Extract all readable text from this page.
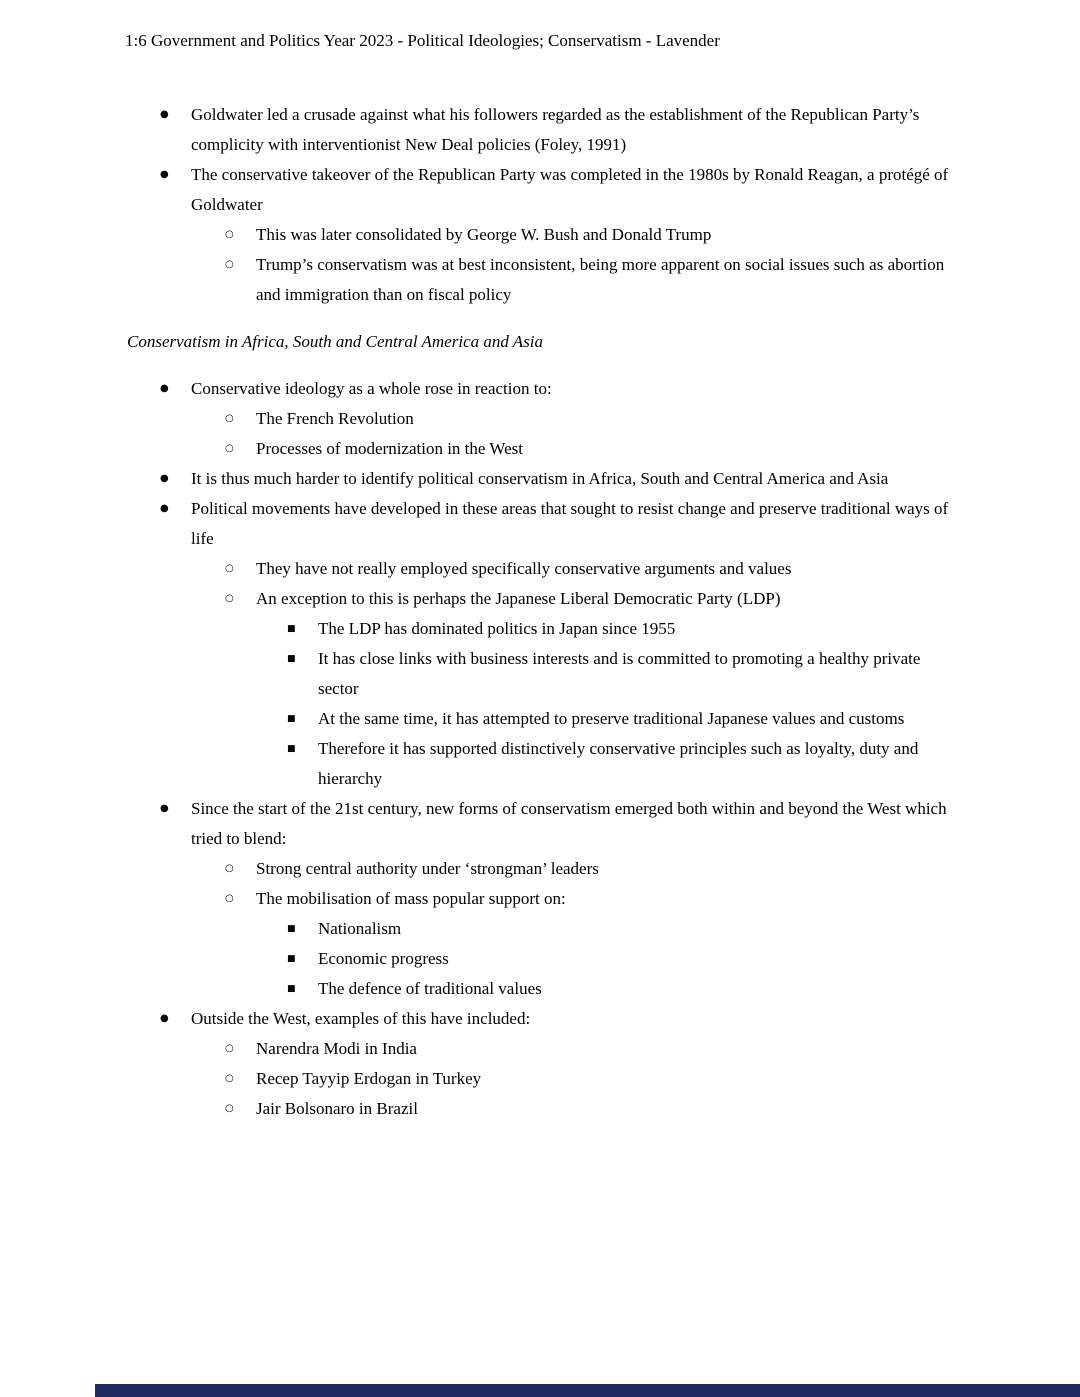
1:6 Government and Politics Year 2023 - Political Ideologies; Conservatism - Lavender
●	Goldwater led a crusade against what his followers regarded as the establishment of the Republican Party’s complicity with interventionist New Deal policies (Foley, 1991)
●	The conservative takeover of the Republican Party was completed in the 1980s by Ronald Reagan, a protégé of Goldwater
○	This was later consolidated by George W. Bush and Donald Trump
○	Trump’s conservatism was at best inconsistent, being more apparent on social issues such as abortion and immigration than on fiscal policy
Conservatism in Africa, South and Central America and Asia
●	Conservative ideology as a whole rose in reaction to:
○	The French Revolution
○	Processes of modernization in the West
●	It is thus much harder to identify political conservatism in Africa, South and Central America and Asia
●	Political movements have developed in these areas that sought to resist change and preserve traditional ways of life
○	They have not really employed specifically conservative arguments and values
○	An exception to this is perhaps the Japanese Liberal Democratic Party (LDP)
■	The LDP has dominated politics in Japan since 1955
■	It has close links with business interests and is committed to promoting a healthy private sector
■	At the same time, it has attempted to preserve traditional Japanese values and customs
■	Therefore it has supported distinctively conservative principles such as loyalty, duty and hierarchy
●	Since the start of the 21st century, new forms of conservatism emerged both within and beyond the West which tried to blend:
○	Strong central authority under ‘strongman’ leaders
○	The mobilisation of mass popular support on:
■	Nationalism
■	Economic progress
■	The defence of traditional values
●	Outside the West, examples of this have included:
○	Narendra Modi in India
○	Recep Tayyip Erdogan in Turkey
○	Jair Bolsonaro in Brazil
